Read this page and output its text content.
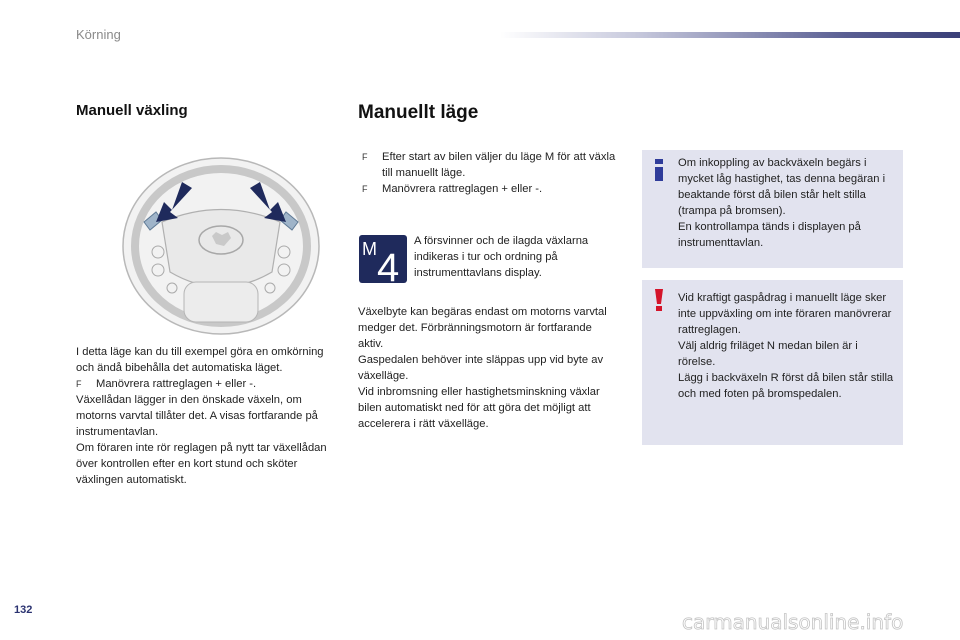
Körning
Manuell växling

I detta läge kan du till exempel göra en omkörning och ändå bibehålla det automatiska läget.

F	Manövrera rattreglagen + eller -.

Växellådan lägger in den önskade växeln, om motorns varvtal tillåter det. A visas fortfarande på instrumentavlan.

Om föraren inte rör reglagen på nytt tar växellådan över kontrollen efter en kort stund och sköter växlingen automatiskt.

Manuellt läge
F	Efter start av bilen väljer du läge M för att växla till manuellt läge.
F	Manövrera rattreglagen + eller -.
M 4
A försvinner och de ilagda växlarna indikeras i tur och ordning på instrumenttavlans display.

Växelbyte kan begäras endast om motorns varvtal medger det. Förbränningsmotorn är fortfarande aktiv.

Gaspedalen behöver inte släppas upp vid byte av växelläge.

Vid inbromsning eller hastighetsminskning växlar bilen automatiskt ned för att göra det möjligt att accelerera i rätt växelläge.

Om inkoppling av backväxeln begärs i mycket låg hastighet, tas denna begäran i beaktande först då bilen står helt stilla (trampa på bromsen).
En kontrollampa tänds i displayen på instrumenttavlan.
Vid kraftigt gaspådrag i manuellt läge sker inte uppväxling om inte föraren manövrerar rattreglagen.
Välj aldrig friläget N medan bilen är i rörelse.
Lägg i backväxeln R först då bilen står stilla och med foten på bromspedalen.
132	carmanualsonline.info
